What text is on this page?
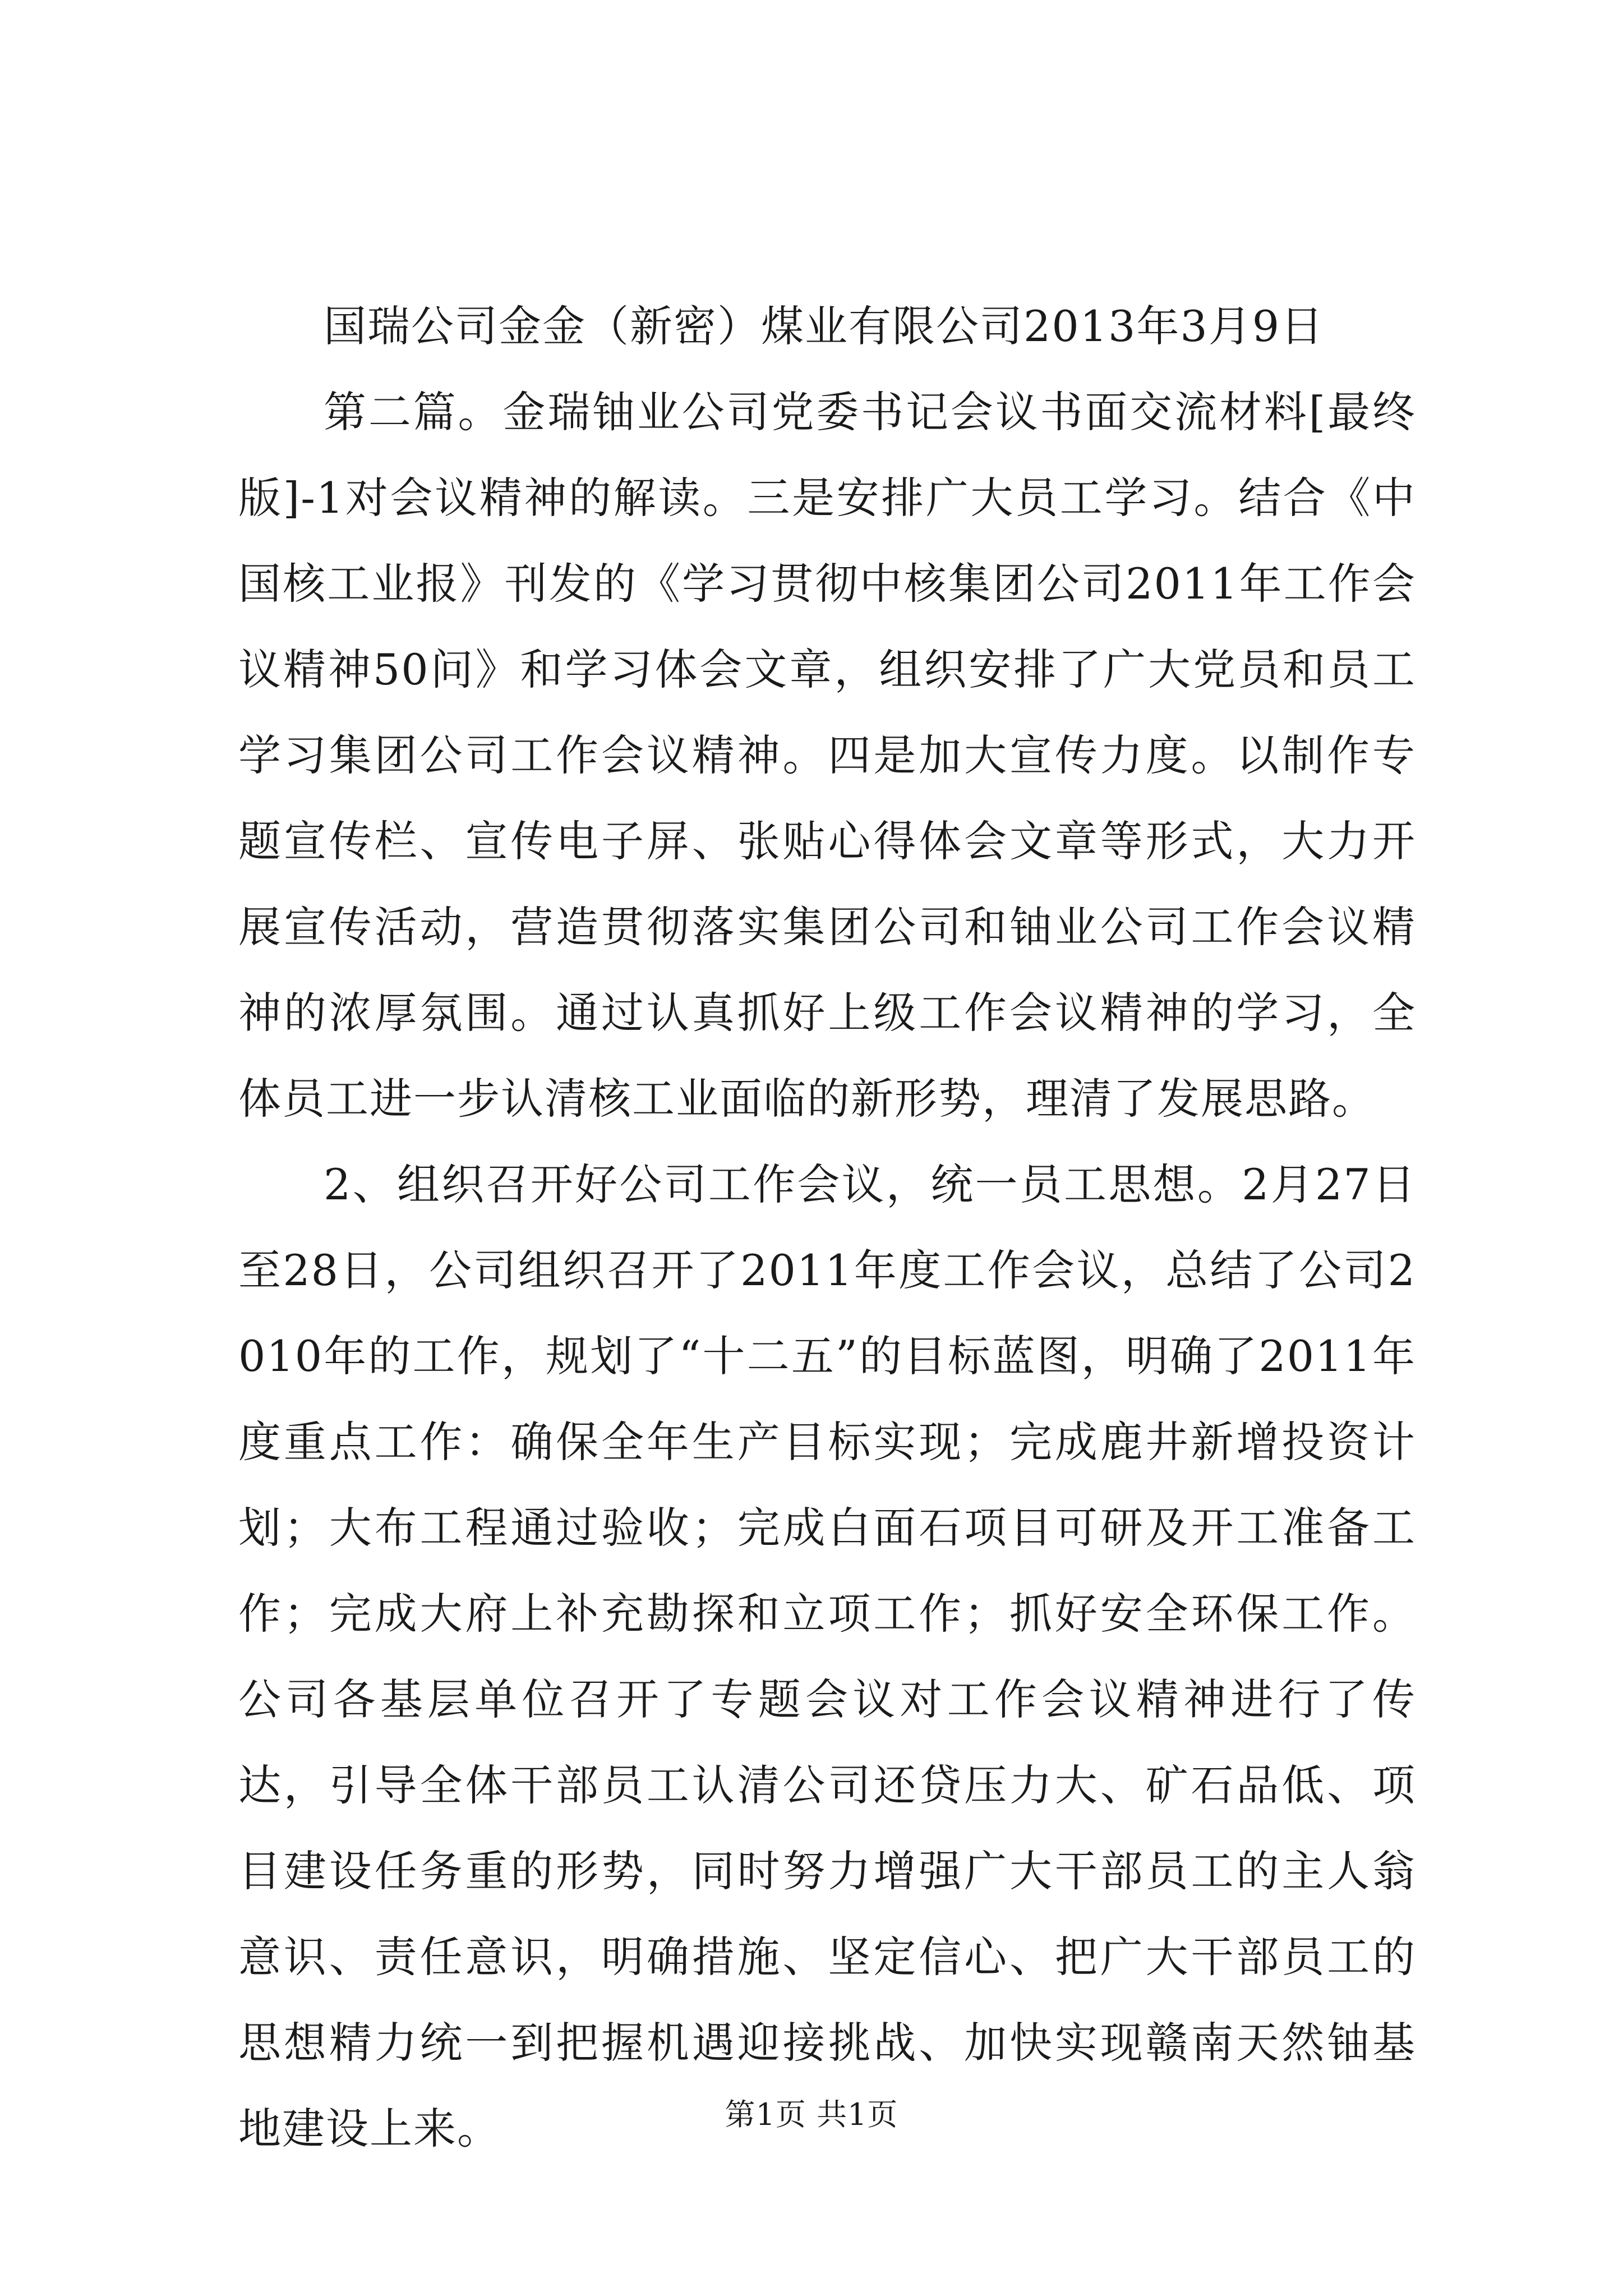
国瑞公司金金（新密）煤业有限公司2013年3月9日

第二篇。金瑞铀业公司党委书记会议书面交流材料[最终版]-1对会议精神的解读。三是安排广大员工学习。结合《中国核工业报》刊发的《学习贯彻中核集团公司2011年工作会议精神50问》和学习体会文章，组织安排了广大党员和员工学习集团公司工作会议精神。四是加大宣传力度。以制作专题宣传栏、宣传电子屏、张贴心得体会文章等形式，大力开展宣传活动，营造贯彻落实集团公司和铀业公司工作会议精神的浓厚氛围。通过认真抓好上级工作会议精神的学习，全体员工进一步认清核工业面临的新形势，理清了发展思路。

2、组织召开好公司工作会议，统一员工思想。2月27日至28日，公司组织召开了2011年度工作会议，总结了公司2010年的工作，规划了“十二五”的目标蓝图，明确了2011年度重点工作：确保全年生产目标实现；完成鹿井新增投资计划；大布工程通过验收；完成白面石项目可研及开工准备工作；完成大府上补充勘探和立项工作；抓好安全环保工作。公司各基层单位召开了专题会议对工作会议精神进行了传达，引导全体干部员工认清公司还贷压力大、矿石品低、项目建设任务重的形势，同时努力增强广大干部员工的主人翁意识、责任意识，明确措施、坚定信心、把广大干部员工的思想精力统一到把握机遇迎接挑战、加快实现赣南天然铀基地建设上来。	第1页 共1页
